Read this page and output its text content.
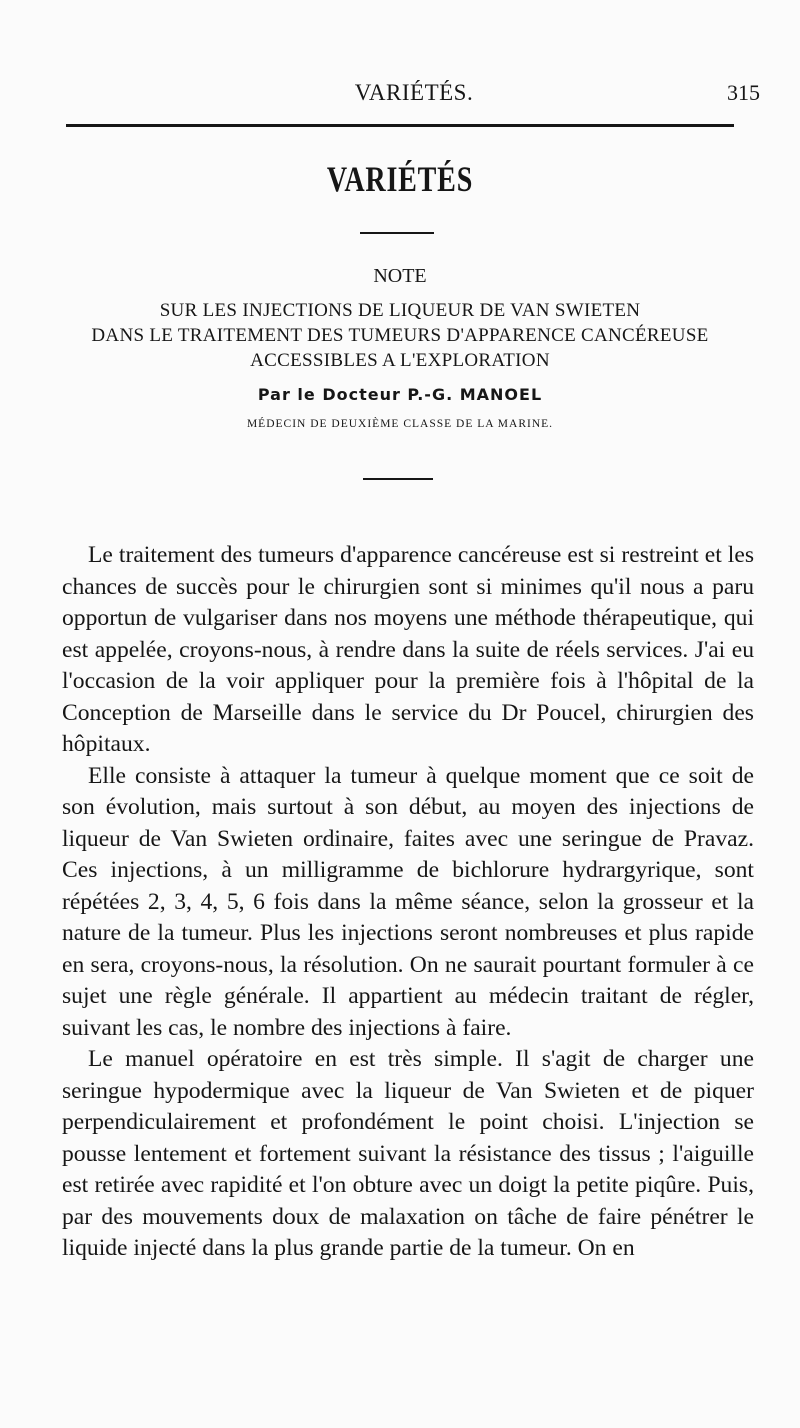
VARIÉTÉS.	315
VARIÉTÉS
NOTE
SUR LES INJECTIONS DE LIQUEUR DE VAN SWIETEN
DANS LE TRAITEMENT DES TUMEURS D'APPARENCE CANCÉREUSE
ACCESSIBLES A L'EXPLORATION
Par le Docteur P.-G. MANOEL
MÉDECIN DE DEUXIÈME CLASSE DE LA MARINE.

Le traitement des tumeurs d'apparence cancéreuse est si restreint et les chances de succès pour le chirurgien sont si minimes qu'il nous a paru opportun de vulgariser dans nos moyens une méthode thérapeutique, qui est appelée, croyons-nous, à rendre dans la suite de réels services. J'ai eu l'occasion de la voir appliquer pour la première fois à l'hôpital de la Conception de Marseille dans le service du Dr Poucel, chirurgien des hôpitaux.

Elle consiste à attaquer la tumeur à quelque moment que ce soit de son évolution, mais surtout à son début, au moyen des injections de liqueur de Van Swieten ordinaire, faites avec une seringue de Pravaz. Ces injections, à un milligramme de bichlorure hydrargyrique, sont répétées 2, 3, 4, 5, 6 fois dans la même séance, selon la grosseur et la nature de la tumeur. Plus les injections seront nombreuses et plus rapide en sera, croyons-nous, la résolution. On ne saurait pourtant formuler à ce sujet une règle générale. Il appartient au médecin traitant de régler, suivant les cas, le nombre des injections à faire.

Le manuel opératoire en est très simple. Il s'agit de charger une seringue hypodermique avec la liqueur de Van Swieten et de piquer perpendiculairement et profondément le point choisi. L'injection se pousse lentement et fortement suivant la résistance des tissus ; l'aiguille est retirée avec rapidité et l'on obture avec un doigt la petite piqûre. Puis, par des mouvements doux de malaxation on tâche de faire pénétrer le liquide injecté dans la plus grande partie de la tumeur. On en
